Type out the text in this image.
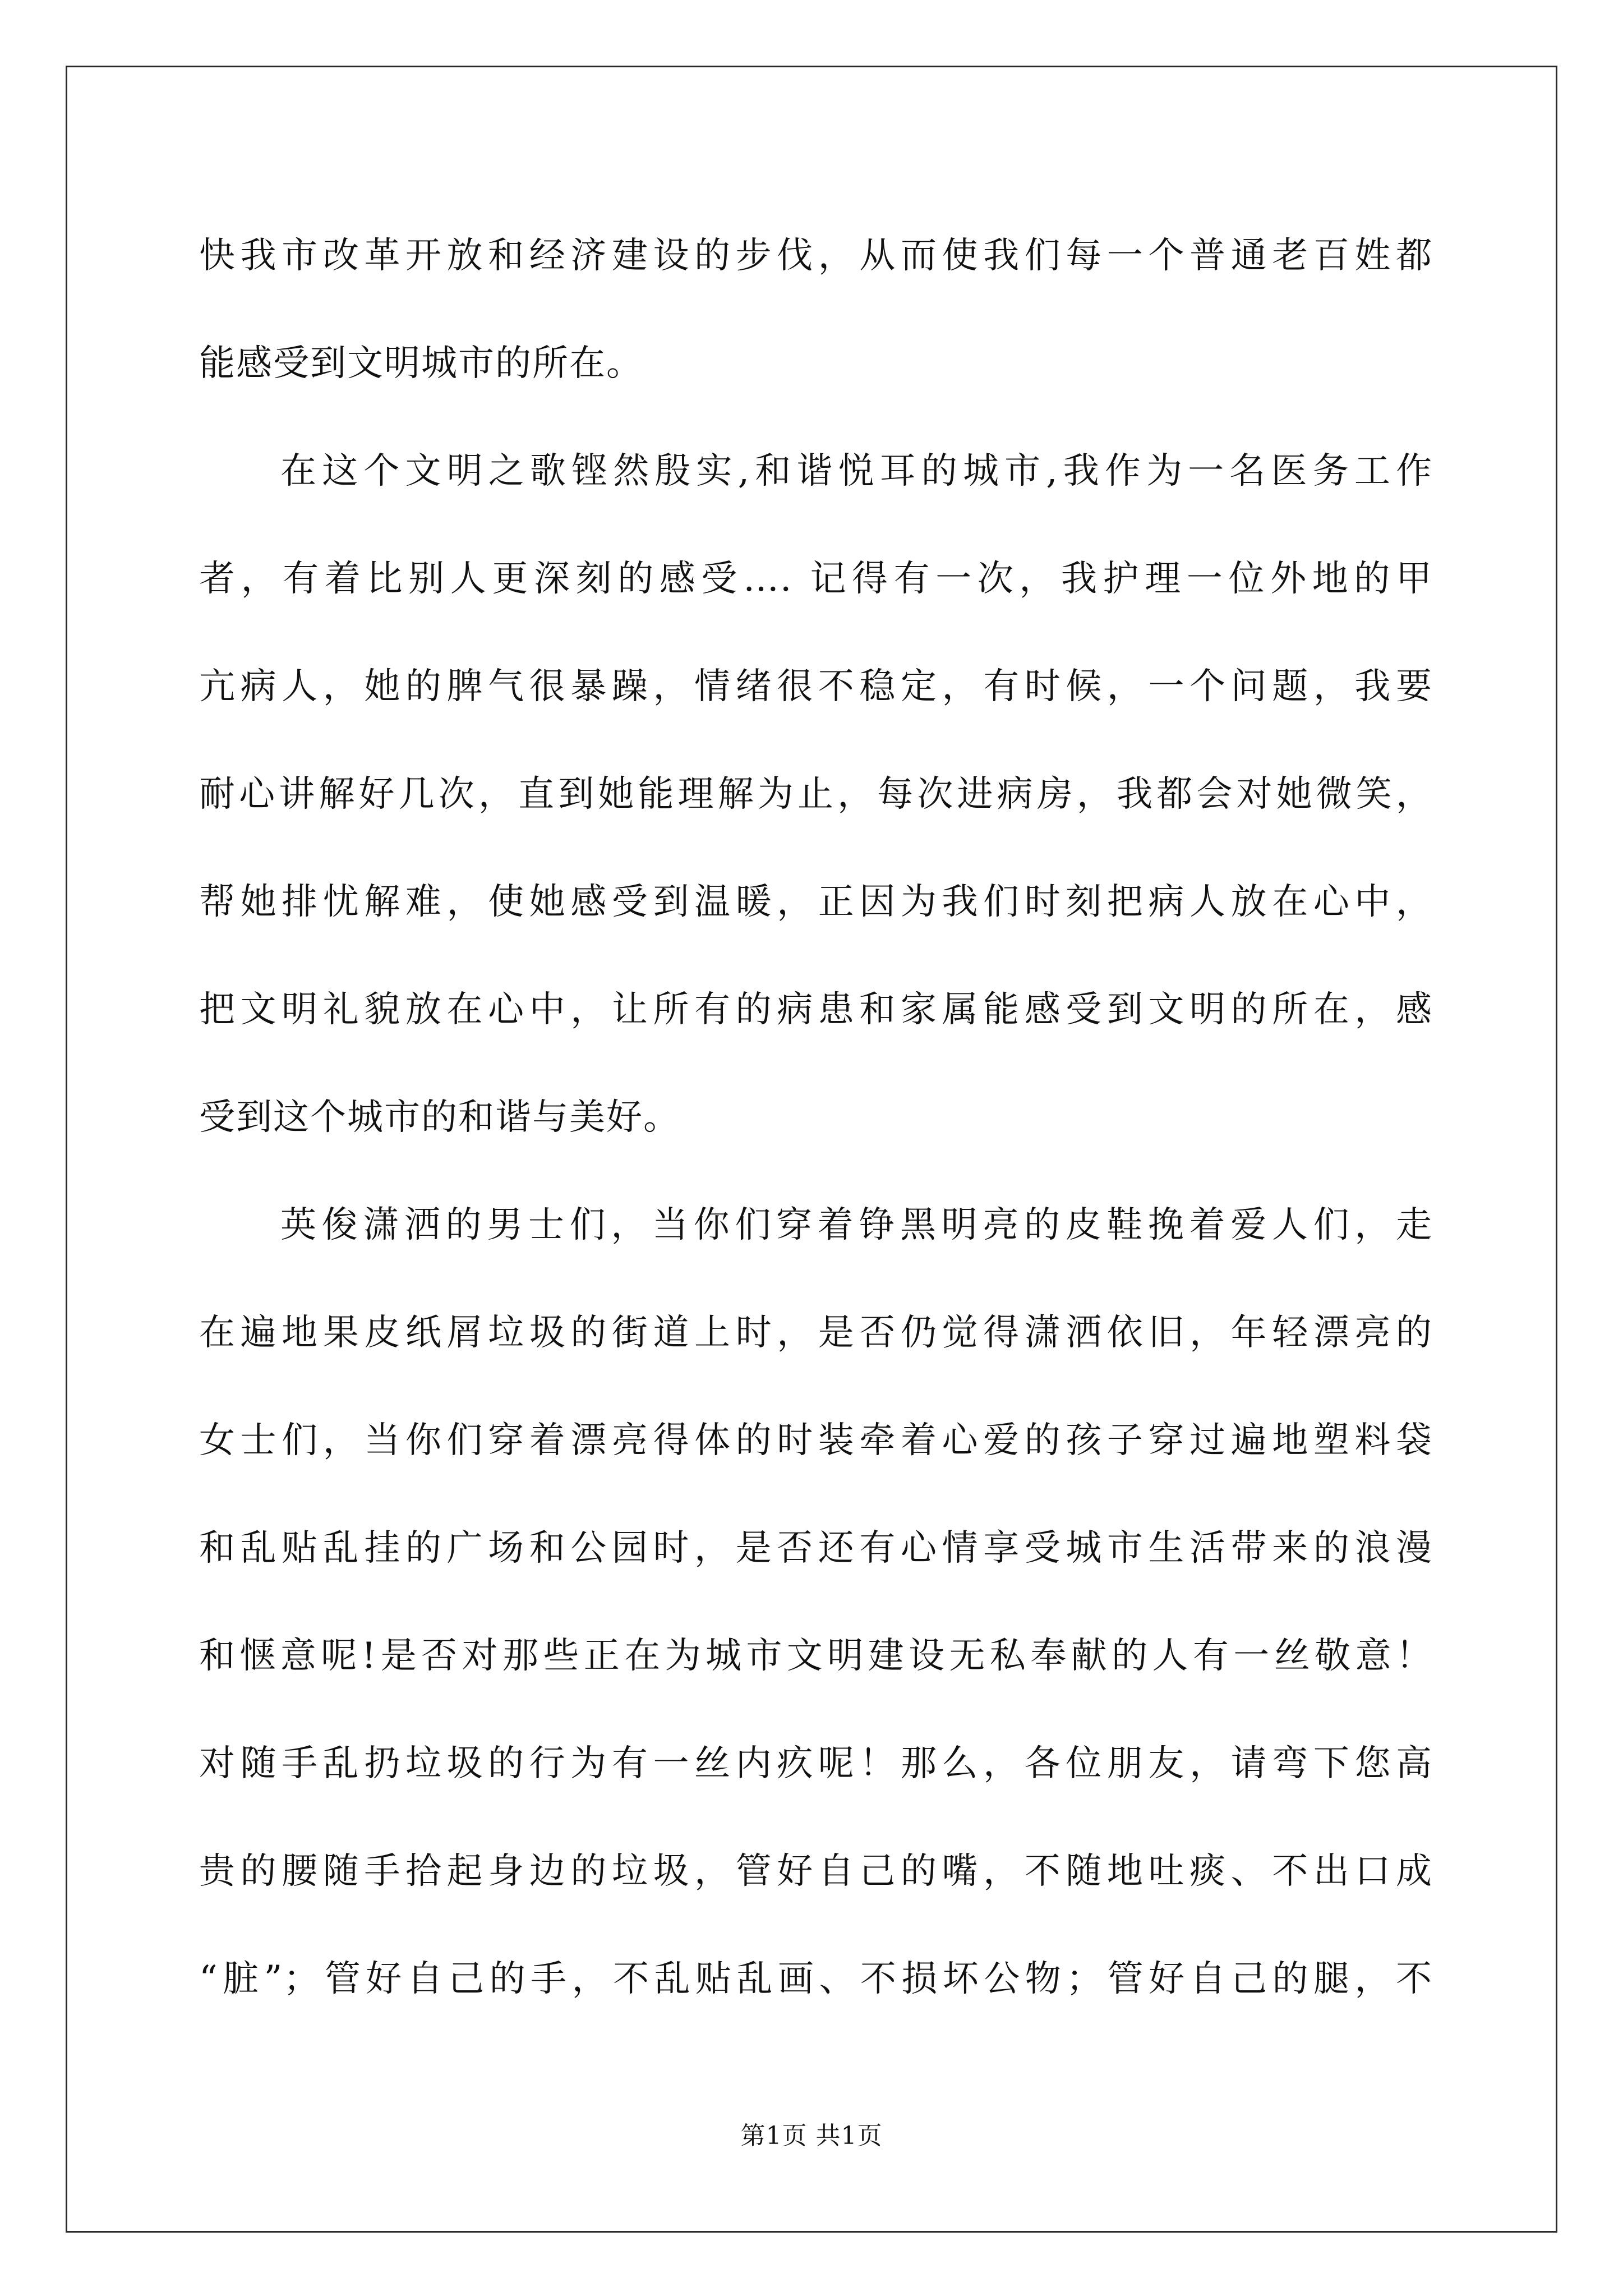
快我市改革开放和经济建设的步伐，从而使我们每一个普通老百姓都
能感受到文明城市的所在。
在这个文明之歌铿然殷实,和谐悦耳的城市,我作为一名医务工作
者，有着比别人更深刻的感受…. 记得有一次，我护理一位外地的甲
亢病人，她的脾气很暴躁，情绪很不稳定，有时候，一个问题，我要
耐心讲解好几次，直到她能理解为止，每次进病房，我都会对她微笑，
帮她排忧解难，使她感受到温暖，正因为我们时刻把病人放在心中，
把文明礼貌放在心中，让所有的病患和家属能感受到文明的所在，感
受到这个城市的和谐与美好。
英俊潇洒的男士们，当你们穿着铮黑明亮的皮鞋挽着爱人们，走
在遍地果皮纸屑垃圾的街道上时，是否仍觉得潇洒依旧，年轻漂亮的
女士们，当你们穿着漂亮得体的时装牵着心爱的孩子穿过遍地塑料袋
和乱贴乱挂的广场和公园时，是否还有心情享受城市生活带来的浪漫
和惬意呢!是否对那些正在为城市文明建设无私奉献的人有一丝敬意！
对随手乱扔垃圾的行为有一丝内疚呢！那么，各位朋友，请弯下您高
贵的腰随手拾起身边的垃圾，管好自己的嘴，不随地吐痰、不出口成
“脏”；管好自己的手，不乱贴乱画、不损坏公物；管好自己的腿，不
第1页 共1页
